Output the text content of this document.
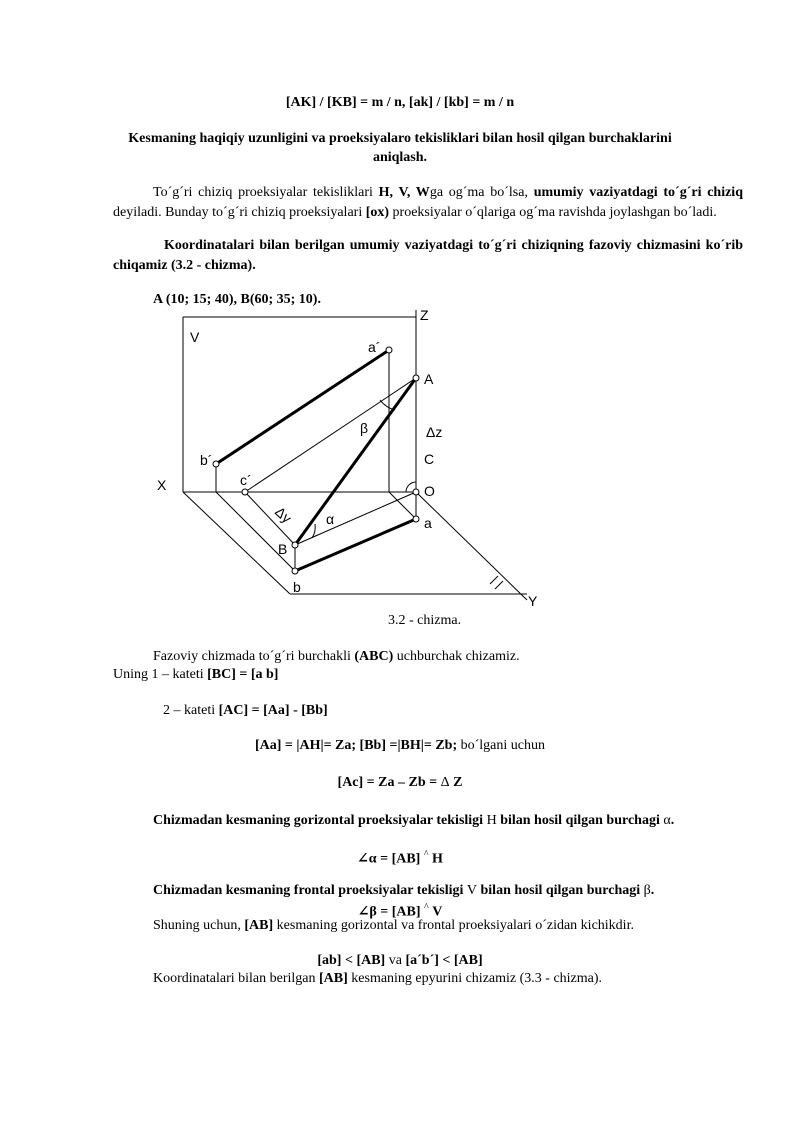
[AK] / [KB] = m / n, [ak] / [kb] = m / n
Kesmaning haqiqiy uzunligini va proeksiyalaro tekisliklari bilan hosil qilgan burchaklarini
aniqlash.
To´g´ri chiziq proeksiyalar tekisliklari H, V, Wga og´ma bo´lsa, umumiy vaziyatdagi to´g´ri chiziq deyiladi. Bunday to´g´ri chiziq proeksiyalari [ox) proeksiyalar o´qlariga og´ma ravishda joylashgan bo´ladi.
Koordinatalari bilan berilgan umumiy vaziyatdagi to´g´ri chiziqning fazoviy chizmasini ko´rib chiqamiz (3.2 - chizma).
A (10; 15; 40), B(60; 35; 10).
V
Z
a´
A
β	Δz
C
b´
c´
X	O
Δy α	a
B
b
Y
3.2 - chizma.
Fazoviy chizmada to´g´ri burchakli (ABC) uchburchak chizamiz.
Uning 1 – kateti [BC] = [a b]
2 – kateti [AC] = [Aa] - [Bb]
[Aa] = |AH|= Za; [Bb] =|BH|= Zb; bo´lgani uchun
[Ac] = Za – Zb = Δ Z
Chizmadan kesmaning gorizontal proeksiyalar tekisligi H bilan hosil qilgan burchagi α.
∠α = [AB] ^ H
Chizmadan kesmaning frontal proeksiyalar tekisligi V bilan hosil qilgan burchagi β.
∠β = [AB] ^ V
Shuning uchun, [AB] kesmaning gorizontal va frontal proeksiyalari o´zidan kichikdir.
[ab] < [AB] va [a´b´] < [AB]
Koordinatalari bilan berilgan [AB] kesmaning epyurini chizamiz (3.3 - chizma).
